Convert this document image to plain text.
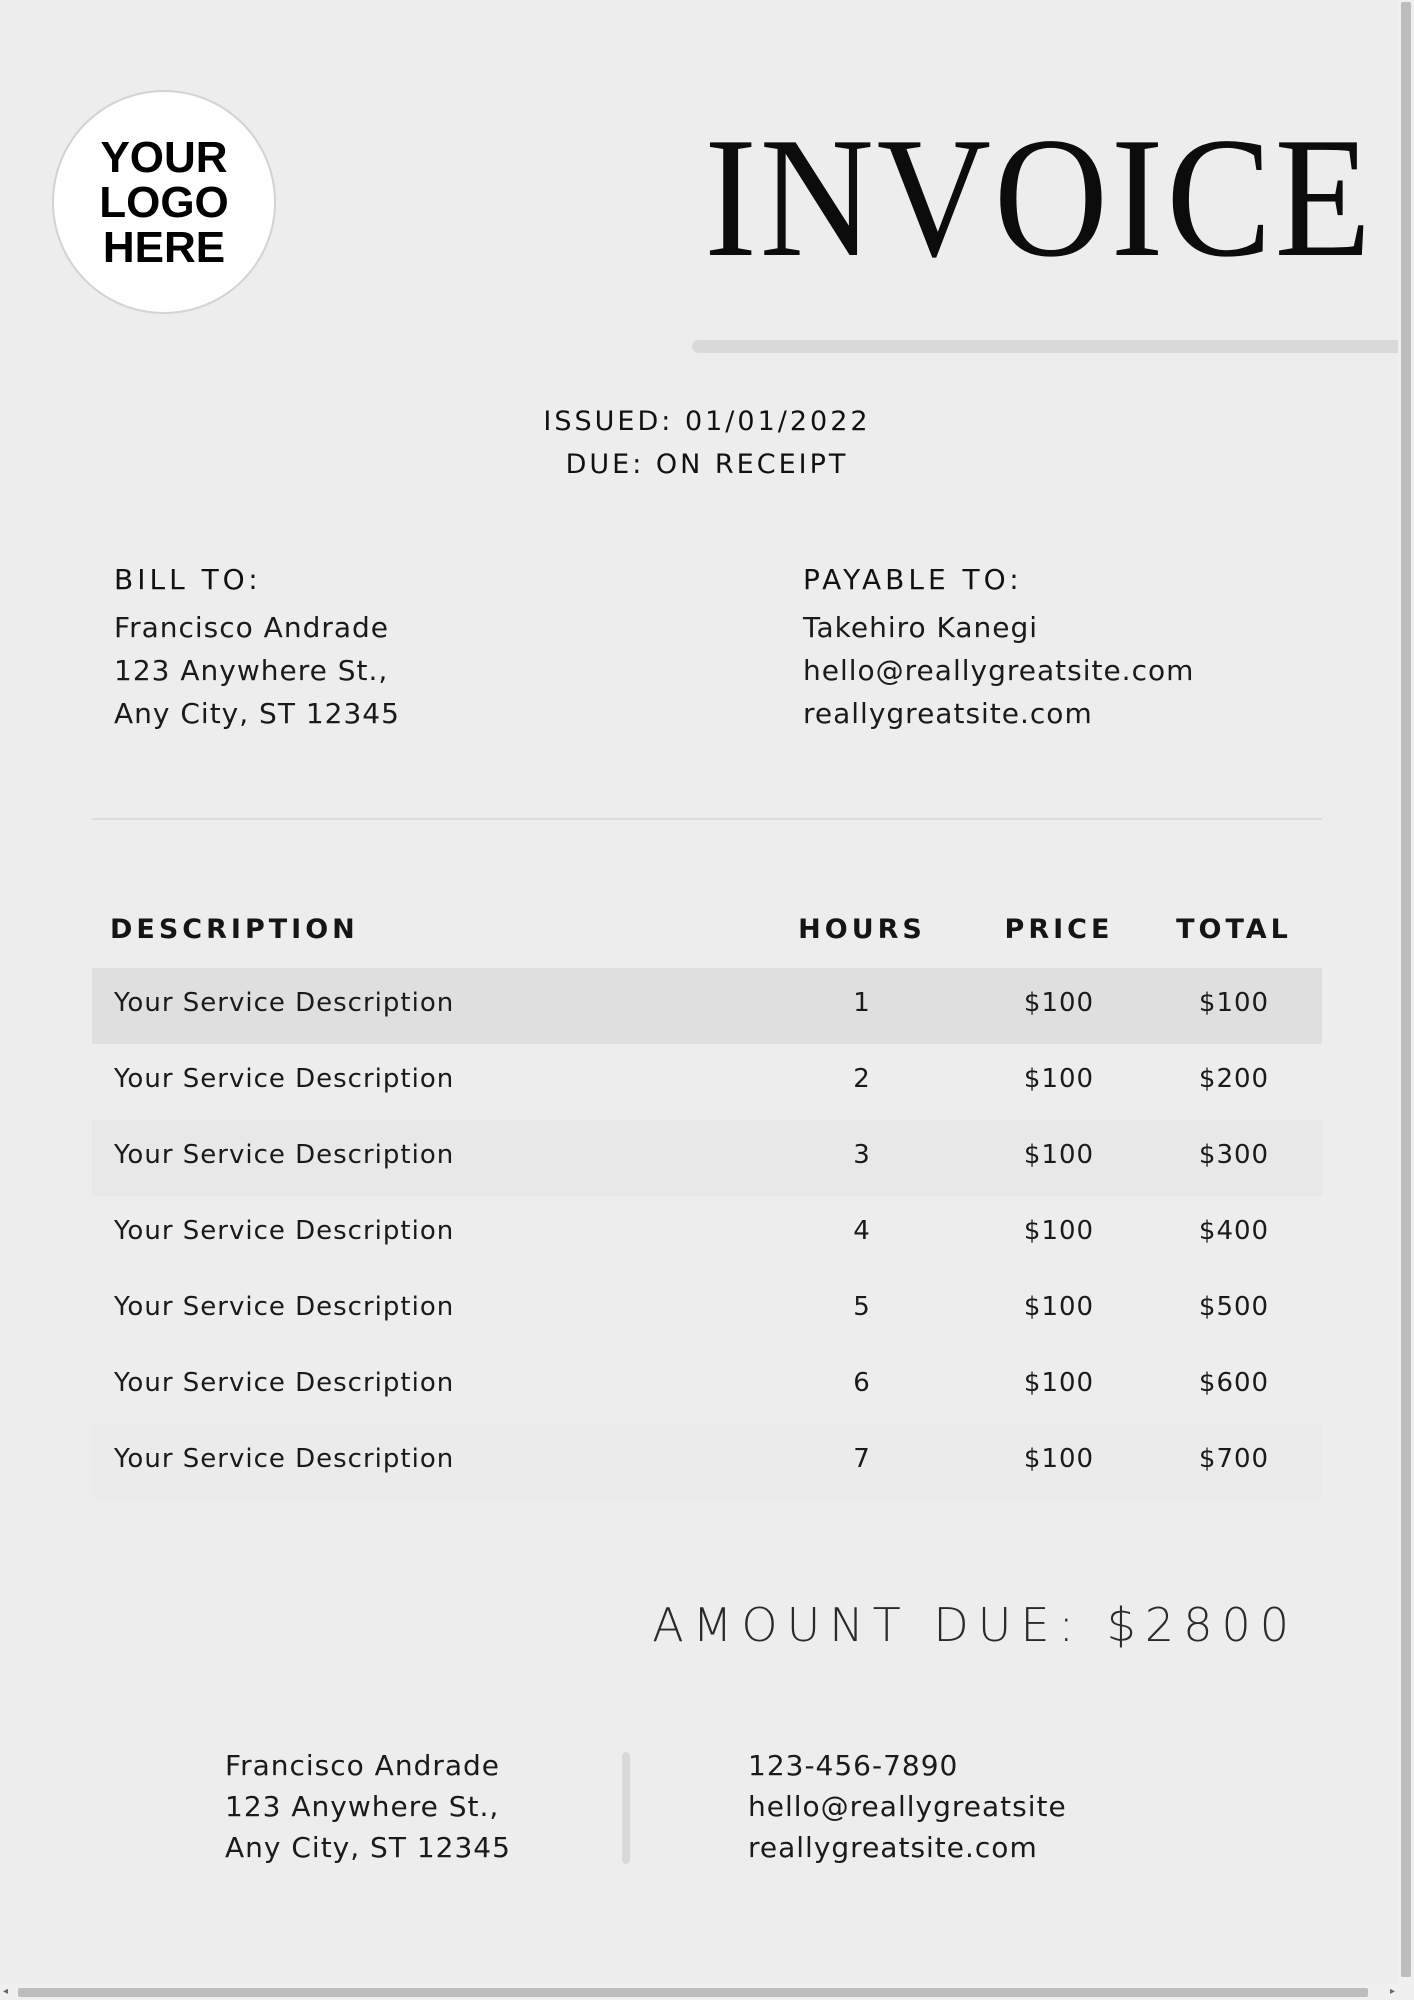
YOUR
LOGO
HERE	INVOICE
ISSUED: 01/01/2022
DUE: ON RECEIPT
BILL TO:
Francisco Andrade
123 Anywhere St.,
Any City, ST 12345
PAYABLE TO:
Takehiro Kanegi
hello@reallygreatsite.com
reallygreatsite.com
DESCRIPTION	HOURS	PRICE	TOTAL
Your Service Description	1	$100	$100
Your Service Description	2	$100	$200
Your Service Description	3	$100	$300
Your Service Description	4	$100	$400
Your Service Description	5	$100	$500
Your Service Description	6	$100	$600
Your Service Description	7	$100	$700
AMOUNT DUE: $2800
Francisco Andrade
123 Anywhere St.,
Any City, ST 12345
123-456-7890
hello@reallygreatsite
reallygreatsite.com
◂	▸
